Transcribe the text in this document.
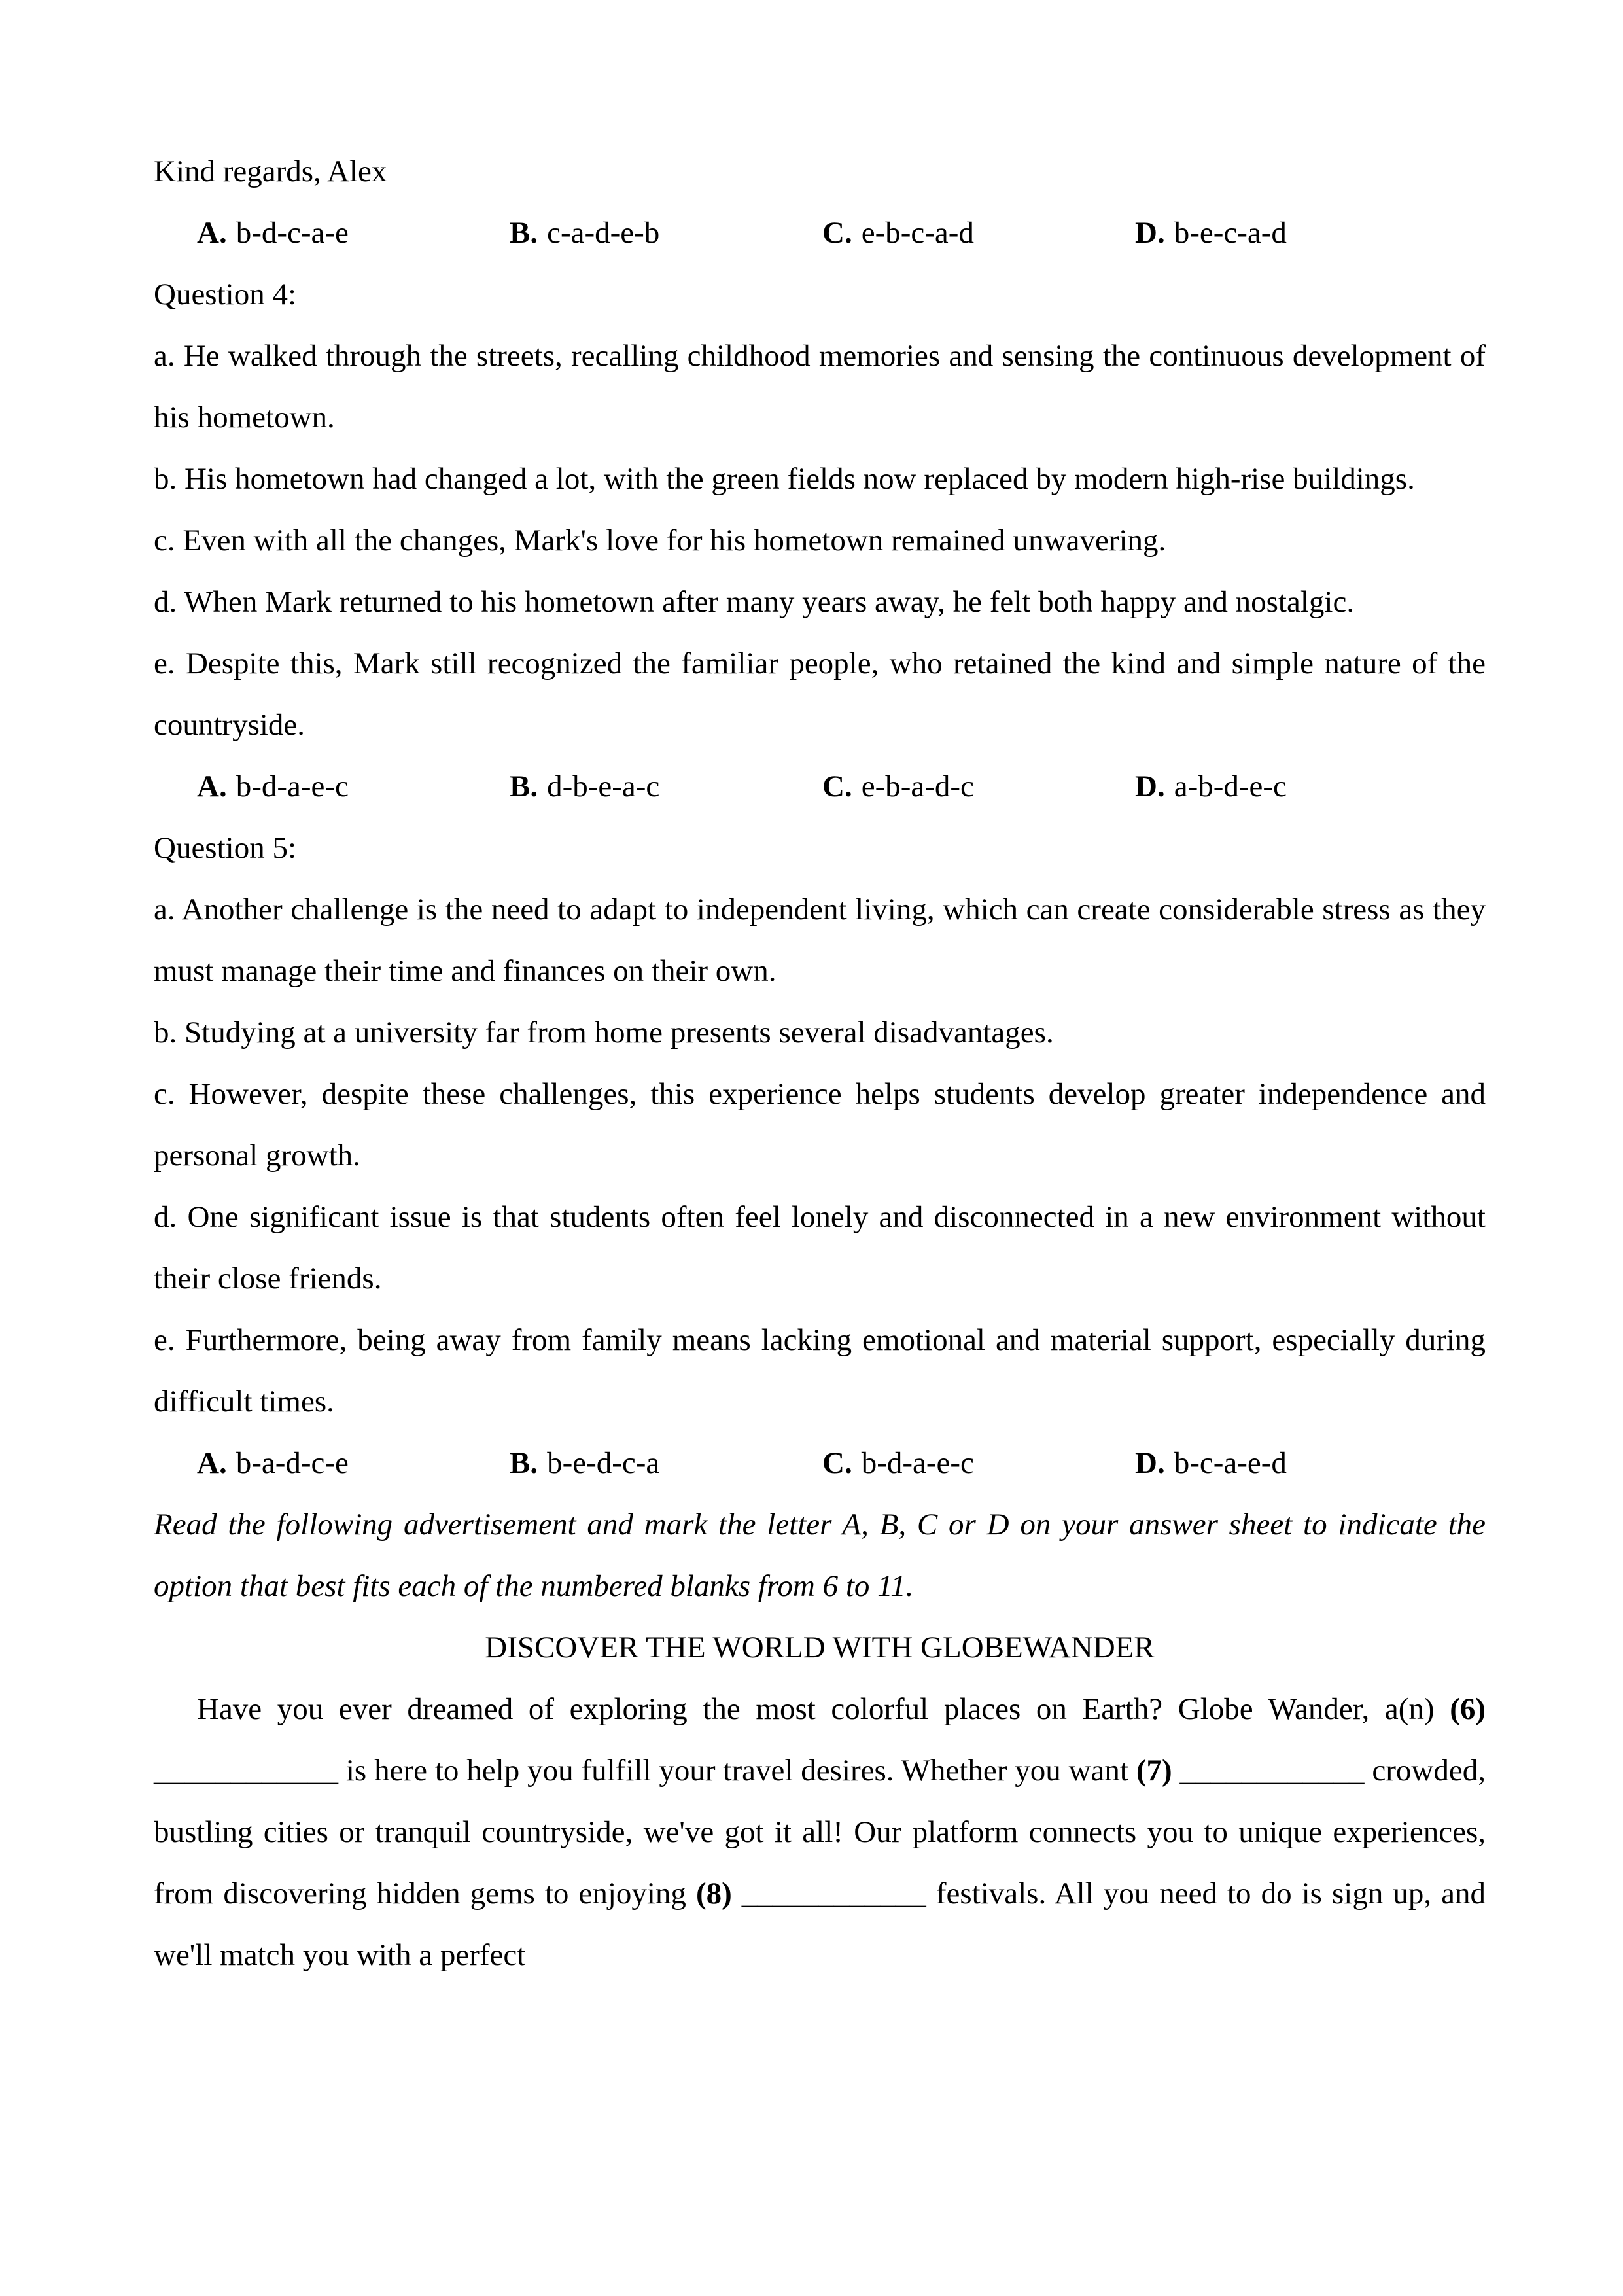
Kind regards, Alex

A. b-d-c-a-e	B. c-a-d-e-b	C. e-b-c-a-d	D. b-e-c-a-d
Question 4:

a. He walked through the streets, recalling childhood memories and sensing the continuous development of his hometown.

b. His hometown had changed a lot, with the green fields now replaced by modern high-rise buildings.

c. Even with all the changes, Mark's love for his hometown remained unwavering.

d. When Mark returned to his hometown after many years away, he felt both happy and nostalgic.

e. Despite this, Mark still recognized the familiar people, who retained the kind and simple nature of the countryside.

A. b-d-a-e-c	B. d-b-e-a-c	C. e-b-a-d-c	D. a-b-d-e-c
Question 5:

a. Another challenge is the need to adapt to independent living, which can create considerable stress as they must manage their time and finances on their own.

b. Studying at a university far from home presents several disadvantages.

c. However, despite these challenges, this experience helps students develop greater independence and personal growth.

d. One significant issue is that students often feel lonely and disconnected in a new environment without their close friends.

e. Furthermore, being away from family means lacking emotional and material support, especially during difficult times.

A. b-a-d-c-e	B. b-e-d-c-a	C. b-d-a-e-c	D. b-c-a-e-d

Read the following advertisement and mark the letter A, B, C or D on your answer sheet to indicate the option that best fits each of the numbered blanks from 6 to 11.

DISCOVER THE WORLD WITH GLOBEWANDER

Have you ever dreamed of exploring the most colorful places on Earth? Globe Wander, a(n) (6) ____________ is here to help you fulfill your travel desires. Whether you want (7) ____________ crowded, bustling cities or tranquil countryside, we've got it all! Our platform connects you to unique experiences, from discovering hidden gems to enjoying (8) ____________ festivals. All you need to do is sign up, and we'll match you with a perfect
